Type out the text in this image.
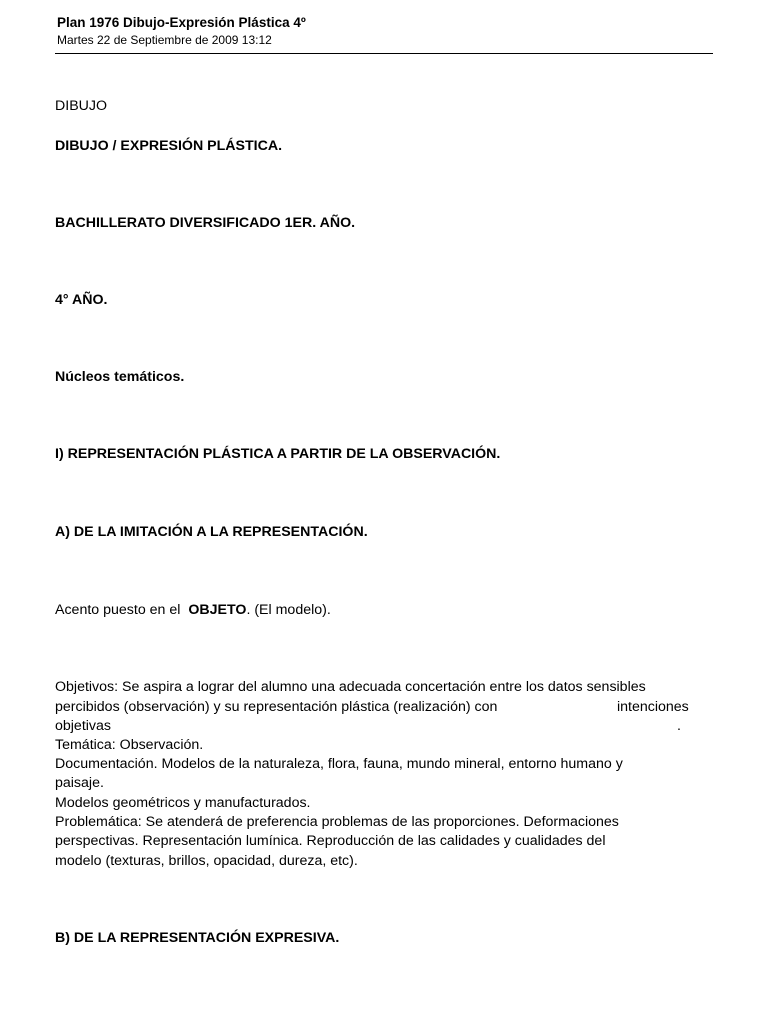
Plan 1976 Dibujo-Expresión Plástica 4º
Martes 22 de Septiembre de 2009 13:12
DIBUJO
DIBUJO / EXPRESIÓN PLÁSTICA.
BACHILLERATO DIVERSIFICADO 1ER. AÑO.
4° AÑO.
Núcleos temáticos.
I) REPRESENTACIÓN PLÁSTICA A PARTIR DE LA OBSERVACIÓN.
A) DE LA IMITACIÓN A LA REPRESENTACIÓN.
Acento puesto en el OBJETO. (El modelo).
Objetivos: Se aspira a lograr del alumno una adecuada concertación entre los datos sensibles
percibidos (observación) y su representación plástica (realización) con	intenciones
objetivas	.
Temática: Observación.
Documentación. Modelos de la naturaleza, flora, fauna, mundo mineral, entorno humano y
paisaje.
Modelos geométricos y manufacturados.
Problemática: Se atenderá de preferencia problemas de las proporciones. Deformaciones
perspectivas. Representación lumínica. Reproducción de las calidades y cualidades del
modelo (texturas, brillos, opacidad, dureza, etc).
B) DE LA REPRESENTACIÓN EXPRESIVA.
